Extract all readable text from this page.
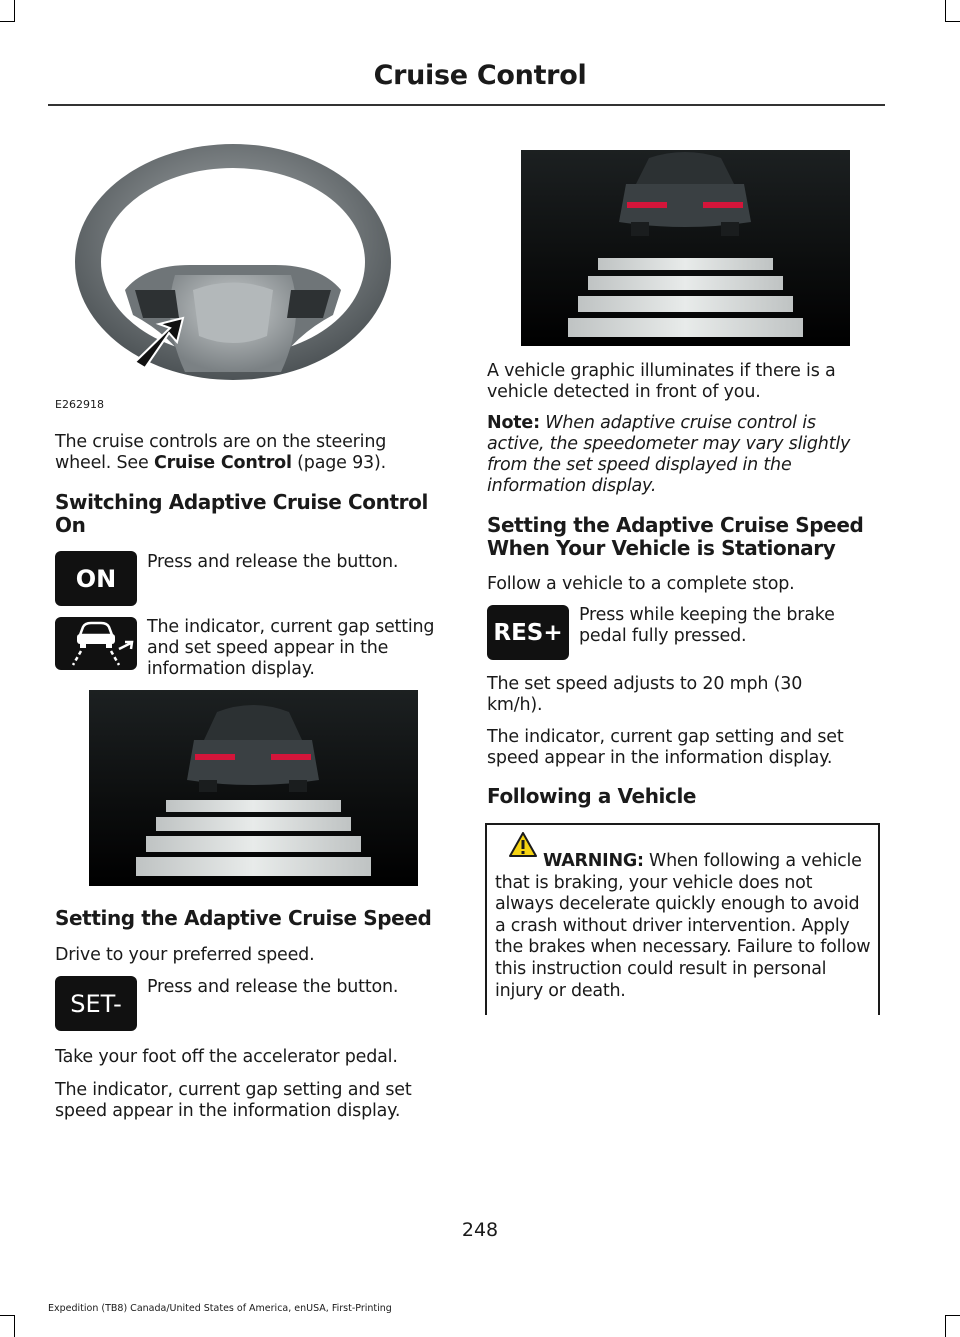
Cruise Control
E262918
The cruise controls are on the steering wheel. See Cruise Control (page 93).
Switching Adaptive Cruise Control On
ON
Press and release the button.
The indicator, current gap setting and set speed appear in the information display.
Setting the Adaptive Cruise Speed
Drive to your preferred speed.
SET-
Press and release the button.
Take your foot off the accelerator pedal.
The indicator, current gap setting and set speed appear in the information display.
A vehicle graphic illuminates if there is a vehicle detected in front of you.
Note: When adaptive cruise control is active, the speedometer may vary slightly from the set speed displayed in the information display.
Setting the Adaptive Cruise Speed When Your Vehicle is Stationary
Follow a vehicle to a complete stop.
RES+
Press while keeping the brake pedal fully pressed.
The set speed adjusts to 20 mph (30 km/h).
The indicator, current gap setting and set speed appear in the information display.
Following a Vehicle
WARNING: When following a vehicle that is braking, your vehicle does not always decelerate quickly enough to avoid a crash without driver intervention. Apply the brakes when necessary. Failure to follow this instruction could result in personal injury or death.
248
Expedition (TB8) Canada/United States of America, enUSA, First-Printing
